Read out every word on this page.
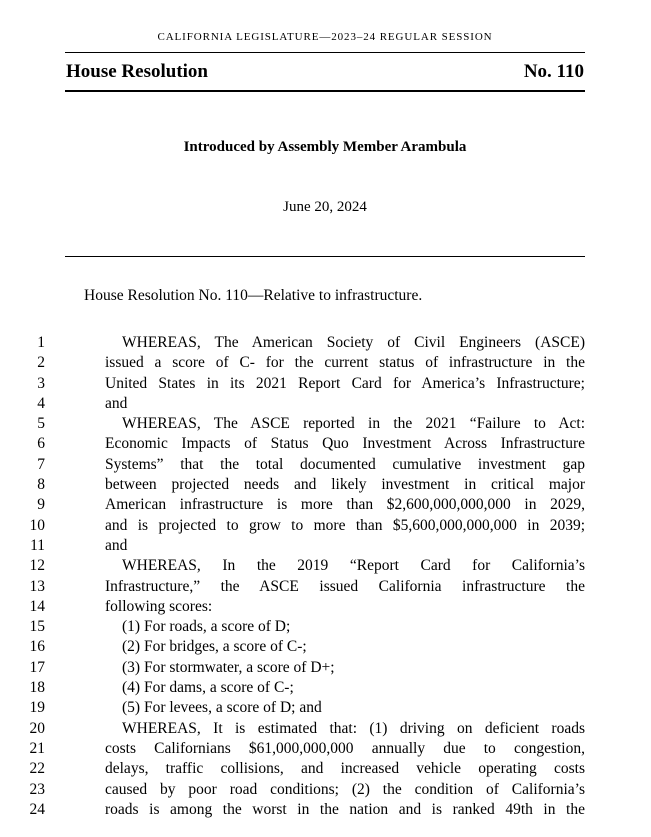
CALIFORNIA LEGISLATURE—2023–24 REGULAR SESSION
House Resolution	No. 110
Introduced by Assembly Member Arambula
June 20, 2024
House Resolution No. 110—Relative to infrastructure.
1	WHEREAS, The American Society of Civil Engineers (ASCE)
2	issued a score of C- for the current status of infrastructure in the
3	United States in its 2021 Report Card for America’s Infrastructure;
4	and
5	WHEREAS, The ASCE reported in the 2021 “Failure to Act:
6	Economic Impacts of Status Quo Investment Across Infrastructure
7	Systems” that the total documented cumulative investment gap
8	between projected needs and likely investment in critical major
9	American infrastructure is more than $2,600,000,000,000 in 2029,
10	and is projected to grow to more than $5,600,000,000,000 in 2039;
11	and
12	WHEREAS, In the 2019 “Report Card for California’s
13	Infrastructure,” the ASCE issued California infrastructure the
14	following scores:
15	(1) For roads, a score of D;
16	(2) For bridges, a score of C-;
17	(3) For stormwater, a score of D+;
18	(4) For dams, a score of C-;
19	(5) For levees, a score of D; and
20	WHEREAS, It is estimated that: (1) driving on deficient roads
21	costs Californians $61,000,000,000 annually due to congestion,
22	delays, traffic collisions, and increased vehicle operating costs
23	caused by poor road conditions; (2) the condition of California’s
24	roads is among the worst in the nation and is ranked 49th in the
